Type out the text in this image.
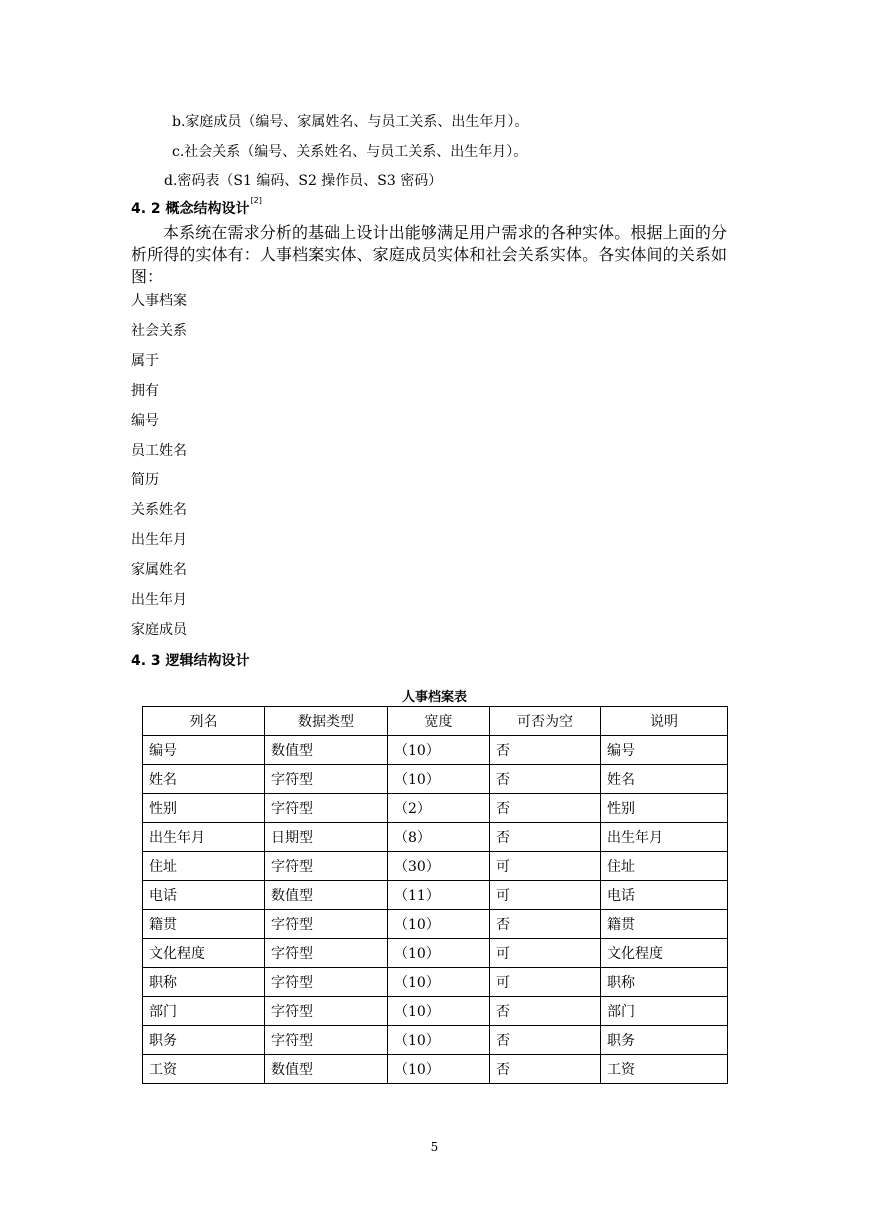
b.家庭成员（编号、家属姓名、与员工关系、出生年月）。
c.社会关系（编号、关系姓名、与员工关系、出生年月）。
d.密码表（S1 编码、S2 操作员、S3 密码）
4. 2 概念结构设计[2]

本系统在需求分析的基础上设计出能够满足用户需求的各种实体。根据上面的分析所得的实体有：人事档案实体、家庭成员实体和社会关系实体。各实体间的关系如图：

人事档案
社会关系
属于
拥有
编号
员工姓名
简历
关系姓名
出生年月
家属姓名
出生年月
家庭成员
4. 3 逻辑结构设计
人事档案表
列名	数据类型	宽度	可否为空	说明
编号	数值型	（10）	否	编号
姓名	字符型	（10）	否	姓名
性别	字符型	（2）	否	性别
出生年月	日期型	（8）	否	出生年月
住址	字符型	（30）	可	住址
电话	数值型	（11）	可	电话
籍贯	字符型	（10）	否	籍贯
文化程度	字符型	（10）	可	文化程度
职称	字符型	（10）	可	职称
部门	字符型	（10）	否	部门
职务	字符型	（10）	否	职务
工资	数值型	（10）	否	工资
5
